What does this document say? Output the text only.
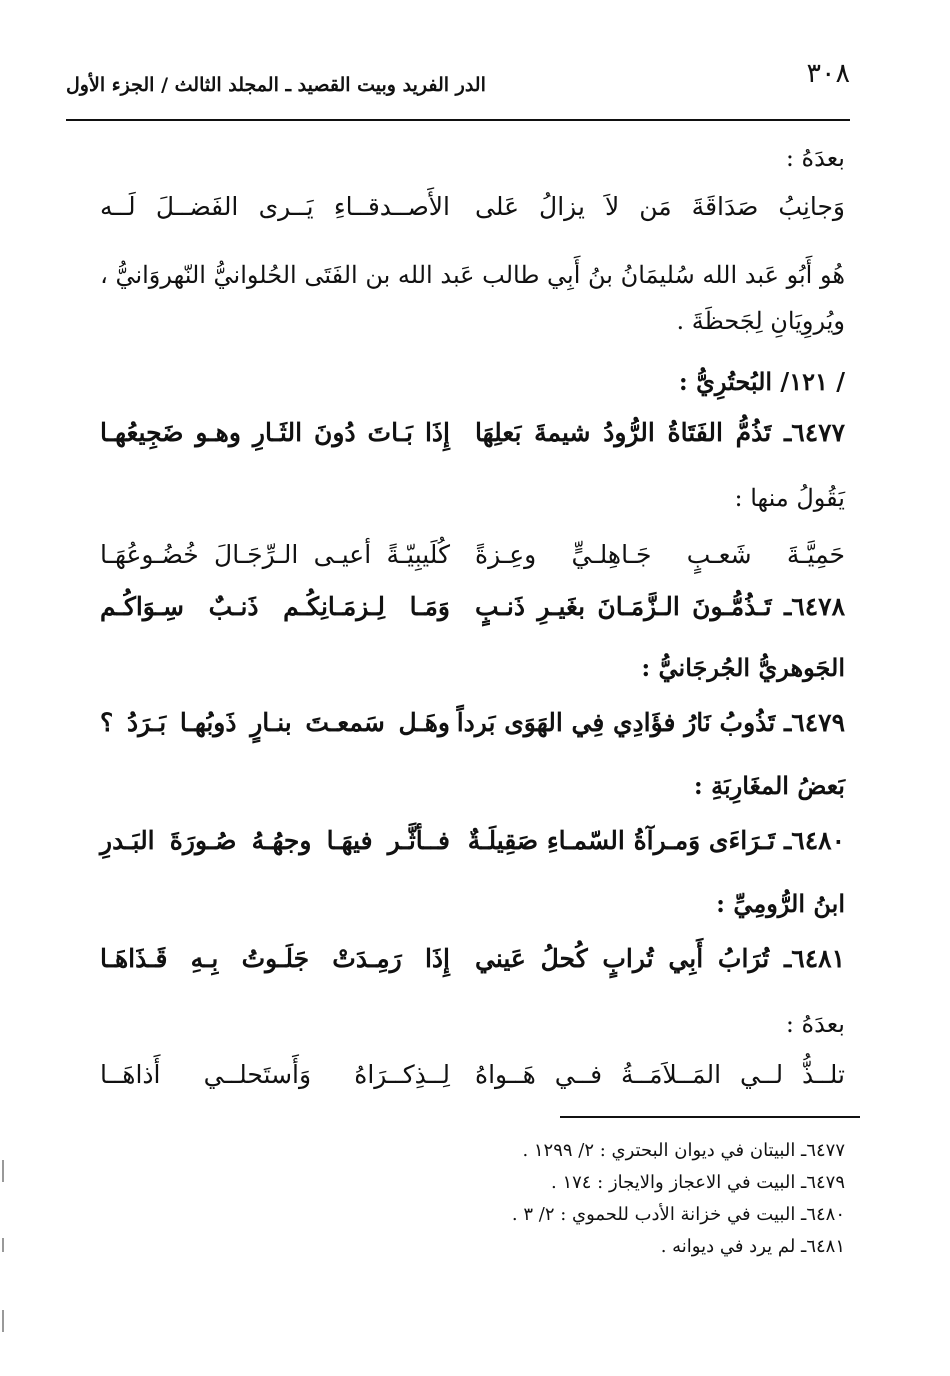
٣٠٨
الدر الفريد وبيت القصيد ـ المجلد الثالث / الجزء الأول
بعدَهُ :
وَجانِبُ صَدَاقَةَ مَن لاَ يزالُ عَلى
الأَصــدقــاءِ يَــرى الفَضــلَ لَــه
هُو أَبُو عَبد الله سُليمَانُ بنُ أَبِي طالب عَبد الله بن الفَتَى الحُلوانيُّ النّهروَانيُّ ، ويُروِيَانِ لِجَحظَةَ .
/ ١٢١/ البُحتُرِيُّ :
٦٤٧٧ـ تَذُمُّ الفَتَاةُ الرُّودُ شيمةَ بَعلِهَا
إِذَا بَـاتَ دُونَ الثَـارِ وهـو ضَجِيعُهـا
يَقُولُ منها :
حَمِيَّـةَ شَعـبٍ جَـاهِلـيٍّ وعِـزةً
كُلَيبِيّـةً أعيـى الـرِّجَـالَ خُضُـوعُهَـا
٦٤٧٨ـ تَـذُمُّـونَ الـزَّمَـانَ بغَيـرِ ذَنـبٍ
وَمَـا لِـزمَـانِكُـم ذَنـبٌ سِـوَاكُـم
الجَوهريُّ الجُرجَانيُّ :
٦٤٧٩ـ تَذُوبُ نَارُ فؤَادِي فِي الهَوَى بَرداً
وهَـل سَمعـتَ بنـارٍ ذَوبُهـا بَـرَدُ ؟
بَعضُ المغَارِبَةِ :
٦٤٨٠ـ تَـرَاءَى وَمـرآةُ السّمـاءِ صَقِيلَـةٌ
فــأثَّـر فيهَـا وجهُـهُ صُـورَةَ البَـدرِ
ابنُ الرُّومِيِّ :
٦٤٨١ـ تُرَابُ أَبِي تُرابٍ كُحلُ عَيني
إِذَا رَمِـدَتْ جَلَـوتُ بِـهِ قَـذَاهَـا
بعدَهُ :
تلــذُّ لــي المَــلاَمَــةُ فــي هَــواهُ
لِــذِكــرَاهُ وَأَستَحلــي أَذاهَــا
٦٤٧٧ـ البيتان في ديوان البحتري : ٢/ ١٢٩٩ .
٦٤٧٩ـ البيت في الاعجاز والايجاز : ١٧٤ .
٦٤٨٠ـ البيت في خزانة الأدب للحموي : ٢/ ٣ .
٦٤٨١ـ لم يرد في ديوانه .
